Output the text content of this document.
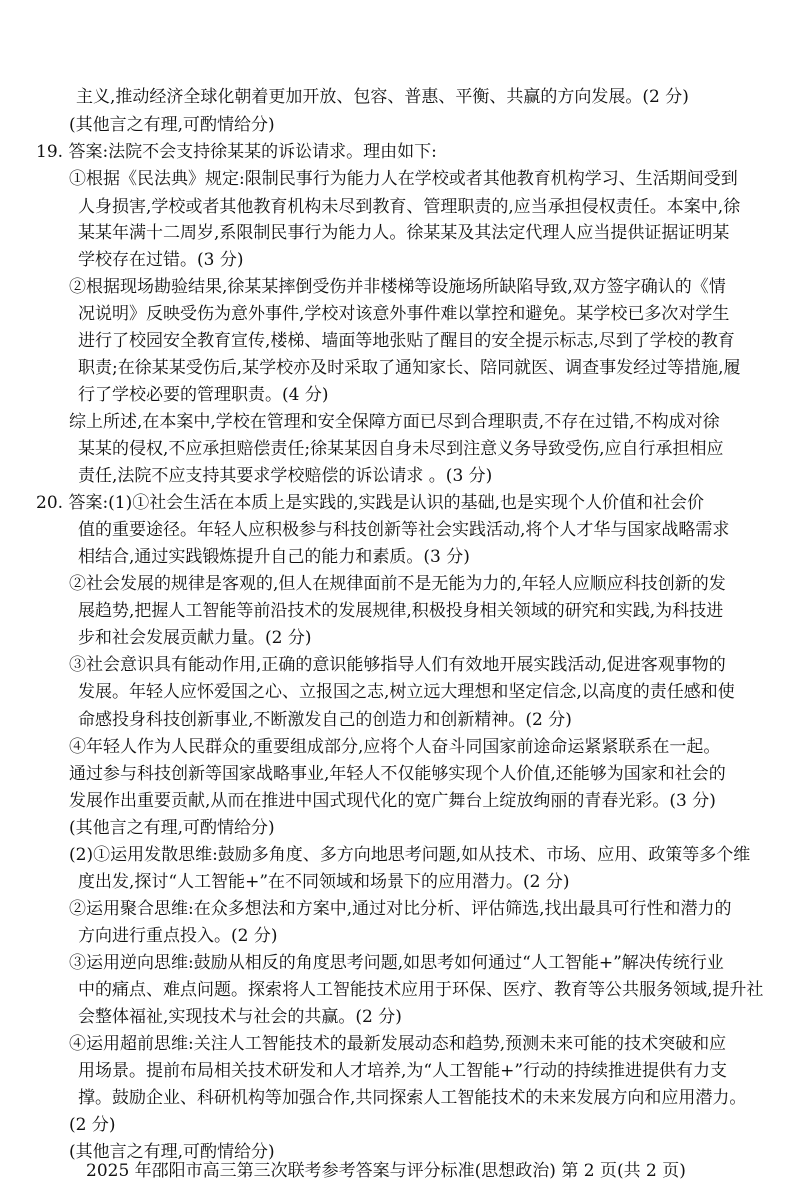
主义,推动经济全球化朝着更加开放、包容、普惠、平衡、共赢的方向发展。(2 分)

(其他言之有理,可酌情给分)

19. 答案:法院不会支持徐某某的诉讼请求。理由如下:

①根据《民法典》规定:限制民事行为能力人在学校或者其他教育机构学习、生活期间受到

人身损害,学校或者其他教育机构未尽到教育、管理职责的,应当承担侵权责任。本案中,徐

某某年满十二周岁,系限制民事行为能力人。徐某某及其法定代理人应当提供证据证明某

学校存在过错。(3 分)

②根据现场勘验结果,徐某某摔倒受伤并非楼梯等设施场所缺陷导致,双方签字确认的《情

况说明》反映受伤为意外事件,学校对该意外事件难以掌控和避免。某学校已多次对学生

进行了校园安全教育宣传,楼梯、墙面等地张贴了醒目的安全提示标志,尽到了学校的教育

职责;在徐某某受伤后,某学校亦及时采取了通知家长、陪同就医、调查事发经过等措施,履

行了学校必要的管理职责。(4 分)

综上所述,在本案中,学校在管理和安全保障方面已尽到合理职责,不存在过错,不构成对徐

某某的侵权,不应承担赔偿责任;徐某某因自身未尽到注意义务导致受伤,应自行承担相应

责任,法院不应支持其要求学校赔偿的诉讼请求 。(3 分)

20. 答案:(1)①社会生活在本质上是实践的,实践是认识的基础,也是实现个人价值和社会价

值的重要途径。年轻人应积极参与科技创新等社会实践活动,将个人才华与国家战略需求

相结合,通过实践锻炼提升自己的能力和素质。(3 分)

②社会发展的规律是客观的,但人在规律面前不是无能为力的,年轻人应顺应科技创新的发

展趋势,把握人工智能等前沿技术的发展规律,积极投身相关领域的研究和实践,为科技进

步和社会发展贡献力量。(2 分)

③社会意识具有能动作用,正确的意识能够指导人们有效地开展实践活动,促进客观事物的

发展。年轻人应怀爱国之心、立报国之志,树立远大理想和坚定信念,以高度的责任感和使

命感投身科技创新事业,不断激发自己的创造力和创新精神。(2 分)

④年轻人作为人民群众的重要组成部分,应将个人奋斗同国家前途命运紧紧联系在一起。

通过参与科技创新等国家战略事业,年轻人不仅能够实现个人价值,还能够为国家和社会的

发展作出重要贡献,从而在推进中国式现代化的宽广舞台上绽放绚丽的青春光彩。(3 分)

(其他言之有理,可酌情给分)

(2)①运用发散思维:鼓励多角度、多方向地思考问题,如从技术、市场、应用、政策等多个维

度出发,探讨“人工智能+”在不同领域和场景下的应用潜力。(2 分)

②运用聚合思维:在众多想法和方案中,通过对比分析、评估筛选,找出最具可行性和潜力的

方向进行重点投入。(2 分)

③运用逆向思维:鼓励从相反的角度思考问题,如思考如何通过“人工智能+”解决传统行业

中的痛点、难点问题。探索将人工智能技术应用于环保、医疗、教育等公共服务领域,提升社

会整体福祉,实现技术与社会的共赢。(2 分)

④运用超前思维:关注人工智能技术的最新发展动态和趋势,预测未来可能的技术突破和应

用场景。提前布局相关技术研发和人才培养,为“人工智能+”行动的持续推进提供有力支

撑。鼓励企业、科研机构等加强合作,共同探索人工智能技术的未来发展方向和应用潜力。

(2 分)

(其他言之有理,可酌情给分)

2025 年邵阳市高三第三次联考参考答案与评分标准(思想政治) 第 2 页(共 2 页)
